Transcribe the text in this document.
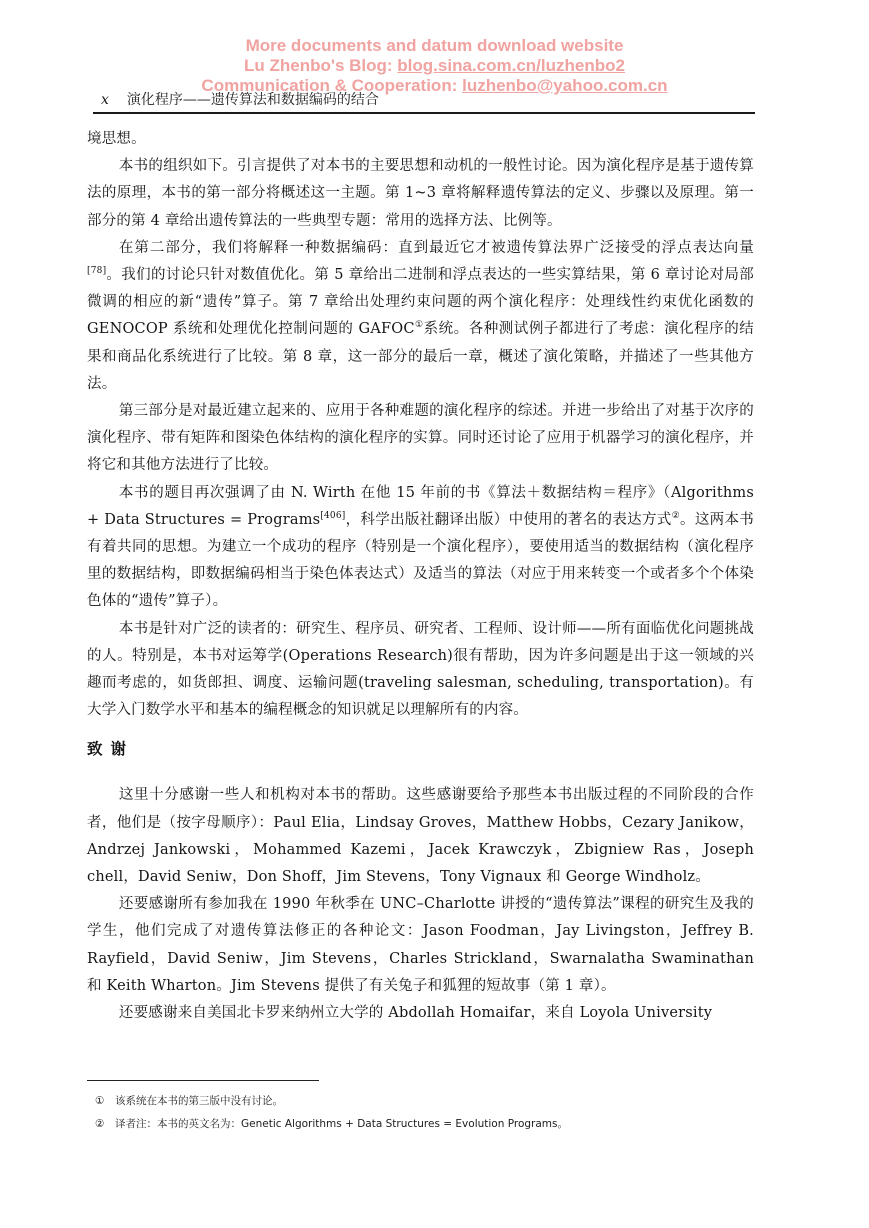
More documents and datum download website
Lu Zhenbo's Blog: blog.sina.com.cn/luzhenbo2
Communication & Cooperation: luzhenbo@yahoo.com.cn
x 演化程序——遗传算法和数据编码的结合

境思想。

本书的组织如下。引言提供了对本书的主要思想和动机的一般性讨论。因为演化程序是基于遗传算法的原理，本书的第一部分将概述这一主题。第 1~3 章将解释遗传算法的定义、步骤以及原理。第一部分的第 4 章给出遗传算法的一些典型专题：常用的选择方法、比例等。

在第二部分，我们将解释一种数据编码：直到最近它才被遗传算法界广泛接受的浮点表达向量[78]。我们的讨论只针对数值优化。第 5 章给出二进制和浮点表达的一些实算结果，第 6 章讨论对局部微调的相应的新“遗传”算子。第 7 章给出处理约束问题的两个演化程序：处理线性约束优化函数的 GENOCOP 系统和处理优化控制问题的 GAFOC①系统。各种测试例子都进行了考虑：演化程序的结果和商品化系统进行了比较。第 8 章，这一部分的最后一章，概述了演化策略，并描述了一些其他方法。

第三部分是对最近建立起来的、应用于各种难题的演化程序的综述。并进一步给出了对基于次序的演化程序、带有矩阵和图染色体结构的演化程序的实算。同时还讨论了应用于机器学习的演化程序，并将它和其他方法进行了比较。

本书的题目再次强调了由 N. Wirth 在他 15 年前的书《算法＋数据结构＝程序》（Algorithms + Data Structures = Programs[406]，科学出版社翻译出版）中使用的著名的表达方式②。这两本书有着共同的思想。为建立一个成功的程序（特别是一个演化程序），要使用适当的数据结构（演化程序里的数据结构，即数据编码相当于染色体表达式）及适当的算法（对应于用来转变一个或者多个个体染色体的“遗传”算子）。

本书是针对广泛的读者的：研究生、程序员、研究者、工程师、设计师——所有面临优化问题挑战的人。特别是，本书对运筹学(Operations Research)很有帮助，因为许多问题是出于这一领域的兴趣而考虑的，如货郎担、调度、运输问题(traveling salesman, scheduling, transportation)。有大学入门数学水平和基本的编程概念的知识就足以理解所有的内容。

致谢

这里十分感谢一些人和机构对本书的帮助。这些感谢要给予那些本书出版过程的不同阶段的合作者，他们是（按字母顺序）：Paul Elia，Lindsay Groves，Matthew Hobbs，Cezary Janikow，Andrzej Jankowski，Mohammed Kazemi，Jacek Krawczyk，Zbigniew Ras，Joseph chell，David Seniw，Don Shoff，Jim Stevens，Tony Vignaux 和 George Windholz。

还要感谢所有参加我在 1990 年秋季在 UNC–Charlotte 讲授的“遗传算法”课程的研究生及我的学生，他们完成了对遗传算法修正的各种论文：Jason Foodman，Jay Livingston，Jeffrey B. Rayfield，David Seniw，Jim Stevens，Charles Strickland，Swarnalatha Swaminathan 和 Keith Wharton。Jim Stevens 提供了有关兔子和狐狸的短故事（第 1 章）。

还要感谢来自美国北卡罗来纳州立大学的 Abdollah Homaifar，来自 Loyola University

① 该系统在本书的第三版中没有讨论。
② 译者注：本书的英文名为：Genetic Algorithms + Data Structures = Evolution Programs。
